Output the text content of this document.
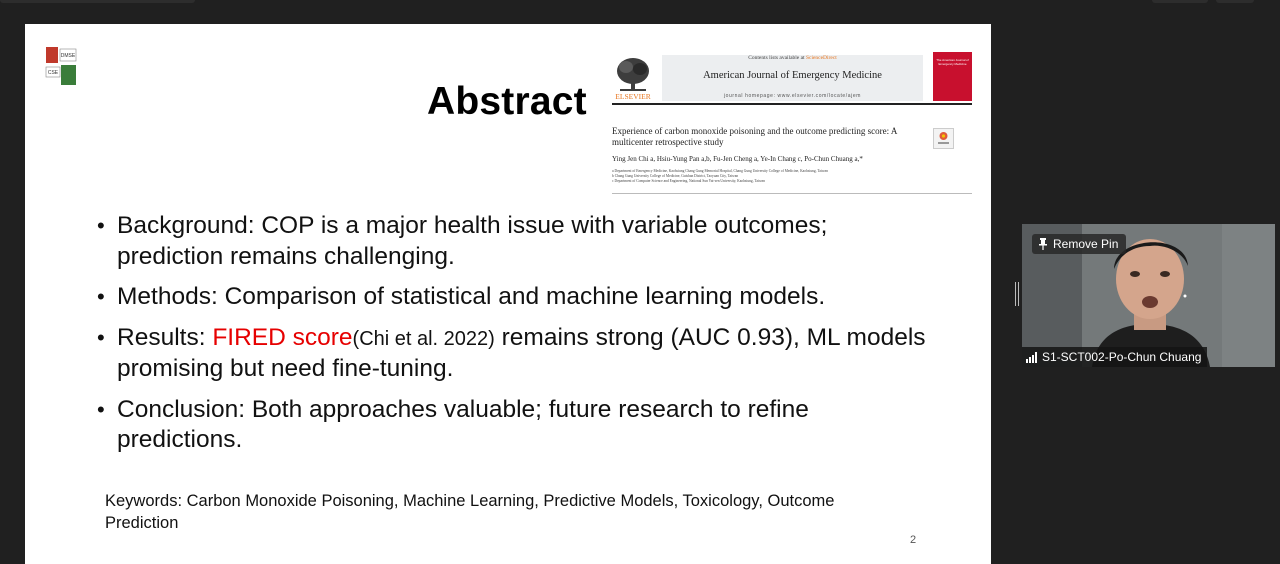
DMSE
CSE
Abstract	ELSEVIER
Contents lists available at ScienceDirect
American Journal of Emergency Medicine
journal homepage: www.elsevier.com/locate/ajem
The American Journal of Emergency Medicine
Experience of carbon monoxide poisoning and the outcome predicting score: A multicenter retrospective study
Ying Jen Chi a, Hsiu-Yung Pan a,b, Fu-Jen Cheng a, Ye-In Chang c, Po-Chun Chuang a,*
a Department of Emergency Medicine, Kaohsiung Chang Gung Memorial Hospital, Chang Gung University College of Medicine, Kaohsiung, Taiwan
b Chang Gung University College of Medicine, Guishan District, Taoyuan City, Taiwan
c Department of Computer Science and Engineering, National Sun Yat-sen University, Kaohsiung, Taiwan
• Background: COP is a major health issue with variable outcomes; prediction remains challenging.
• Methods: Comparison of statistical and machine learning models.
• Results: FIRED score(Chi et al. 2022) remains strong (AUC 0.93), ML models promising but need fine-tuning.
• Conclusion: Both approaches valuable; future research to refine predictions.
Keywords: Carbon Monoxide Poisoning, Machine Learning, Predictive Models, Toxicology, Outcome Prediction
2
Remove Pin
S1-SCT002-Po-Chun Chuang
